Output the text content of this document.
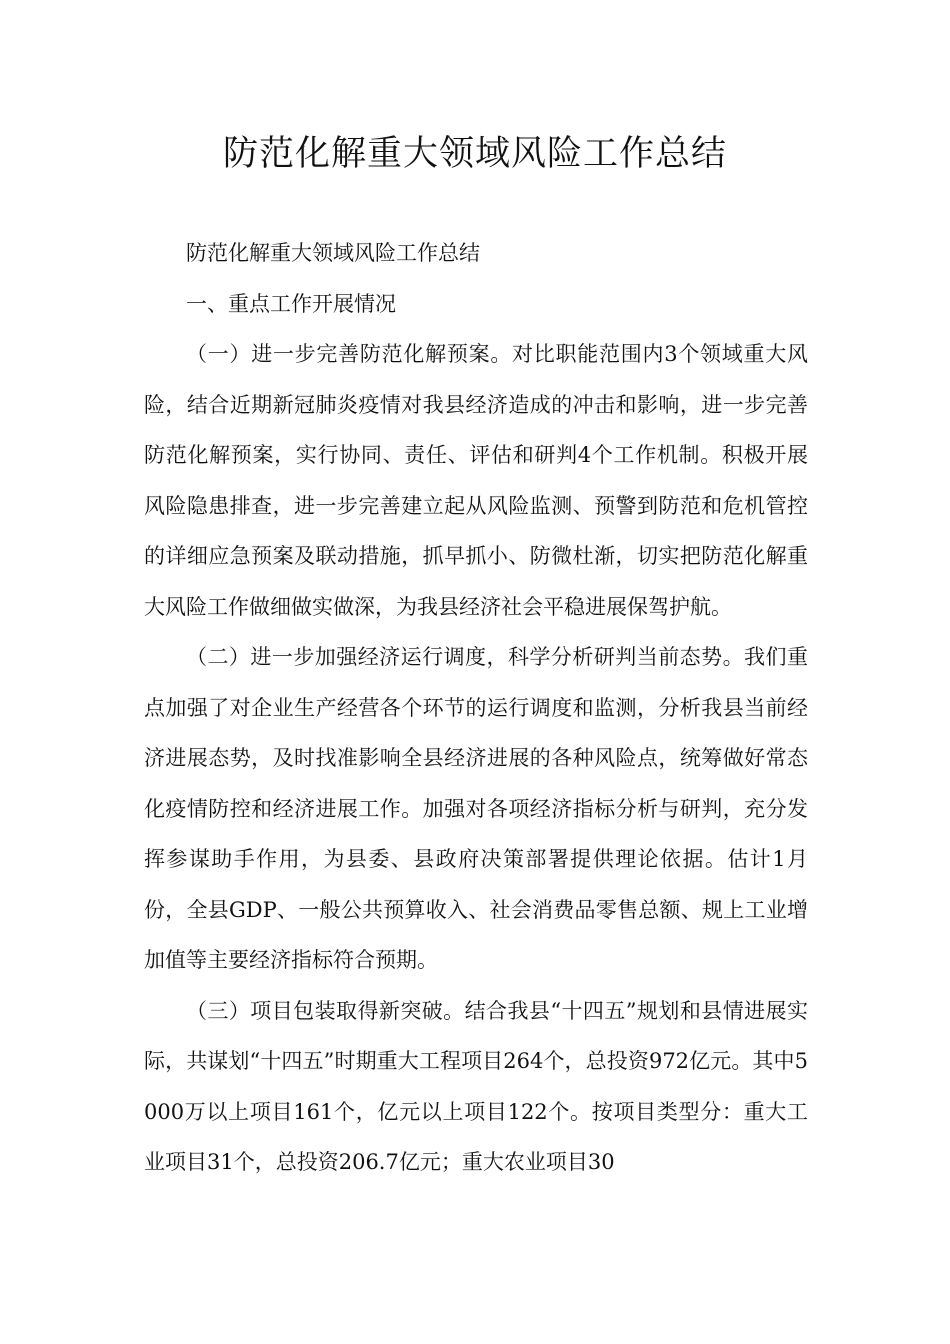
防范化解重大领域风险工作总结

防范化解重大领域风险工作总结

一、重点工作开展情况

（一）进一步完善防范化解预案。对比职能范围内3个领域重大风险，结合近期新冠肺炎疫情对我县经济造成的冲击和影响，进一步完善防范化解预案，实行协同、责任、评估和研判4个工作机制。积极开展风险隐患排查，进一步完善建立起从风险监测、预警到防范和危机管控的详细应急预案及联动措施，抓早抓小、防微杜渐，切实把防范化解重大风险工作做细做实做深，为我县经济社会平稳进展保驾护航。

（二）进一步加强经济运行调度，科学分析研判当前态势。我们重点加强了对企业生产经营各个环节的运行调度和监测，分析我县当前经济进展态势，及时找准影响全县经济进展的各种风险点，统筹做好常态化疫情防控和经济进展工作。加强对各项经济指标分析与研判，充分发挥参谋助手作用，为县委、县政府决策部署提供理论依据。估计1月份，全县GDP、一般公共预算收入、社会消费品零售总额、规上工业增加值等主要经济指标符合预期。

（三）项目包装取得新突破。结合我县“十四五”规划和县情进展实际，共谋划“十四五”时期重大工程项目264个，总投资972亿元。其中5000万以上项目161个，亿元以上项目122个。按项目类型分：重大工业项目31个，总投资206.7亿元；重大农业项目30
